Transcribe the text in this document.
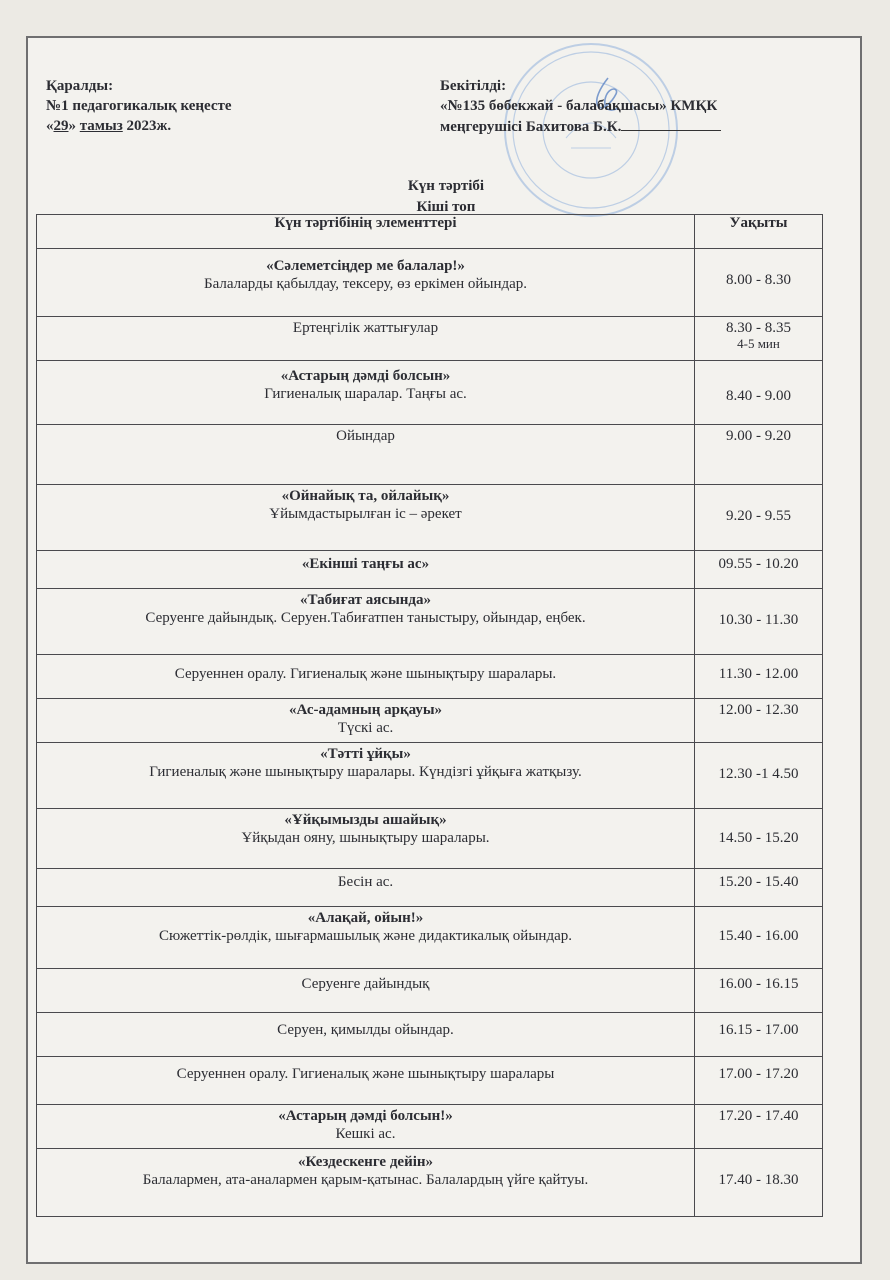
Қаралды:
№1 педагогикалық кеңесте
«29» тамыз 2023ж.
Бекітілді:
«№135 бөбекжай - балабақшасы» КМҚК
меңгерушісі Бахитова Б.К.
Күн тәртібі
Кіші топ
Күн тәртібінің элементтері	Уақыты

«Сәлеметсіңдер ме балалар!»
Балаларды қабылдау, тексеру, өз еркімен ойындар.	8.00 - 8.30

Ертеңгілік жаттығулар	8.30 - 8.35
4-5 мин

«Астарың дәмді болсын»
Гигиеналық шаралар. Таңғы ас.	8.40 - 9.00

Ойындар	9.00 - 9.20

«Ойнайық та, ойлайық»
Ұйымдастырылған іс – әрекет	9.20 - 9.55

«Екінші таңғы ас»	09.55 - 10.20

«Табиғат аясында»
Серуенге дайындық. Серуен.Табиғатпен таныстыру, ойындар, еңбек.	10.30 - 11.30

Серуеннен оралу. Гигиеналық және шынықтыру шаралары.	11.30 - 12.00

«Ас-адамның арқауы»
Түскі ас.	12.00 - 12.30

«Тәтті ұйқы»
Гигиеналық және шынықтыру шаралары. Күндізгі ұйқыға жатқызу.	12.30 -1 4.50

«Ұйқымызды ашайық»
Ұйқыдан ояну, шынықтыру шаралары.	14.50 - 15.20

Бесін ас.	15.20 - 15.40

«Алақай, ойын!»
Сюжеттік-рөлдік, шығармашылық және дидактикалық ойындар.	15.40 - 16.00

Серуенге дайындық	16.00 - 16.15

Серуен, қимылды ойындар.	16.15 - 17.00

Серуеннен оралу. Гигиеналық және шынықтыру шаралары	17.00 - 17.20

«Астарың дәмді болсын!»
Кешкі ас.	17.20 - 17.40

«Кездескенге дейін»
Балалармен, ата-аналармен қарым-қатынас. Балалардың үйге қайтуы.	17.40 - 18.30
